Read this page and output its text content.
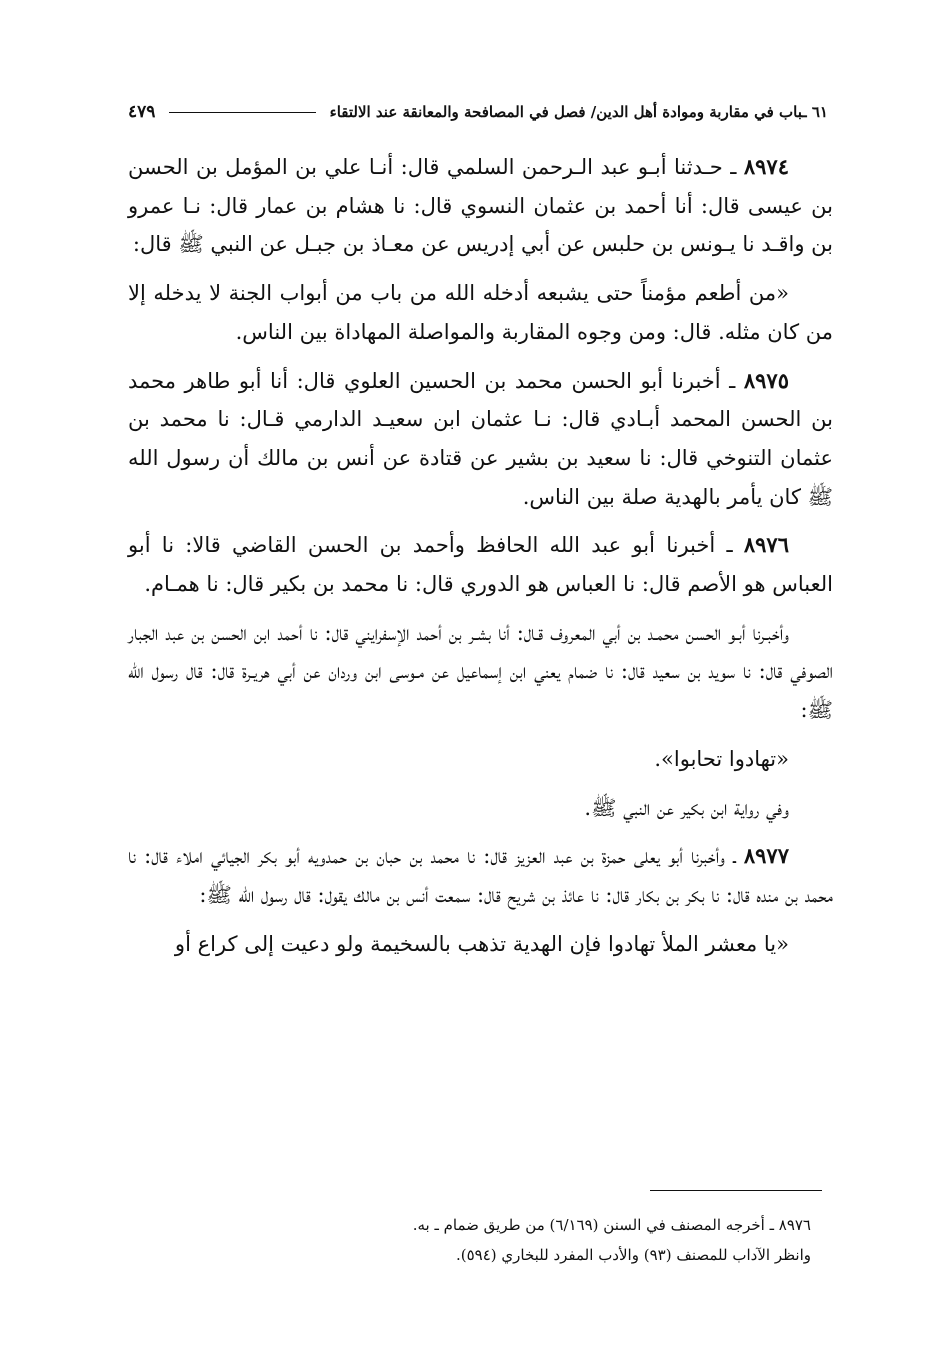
٦١ ـباب في مقاربة وموادة أهل الدين/ فصل في المصافحة والمعانقة عند الالتقاء
٤٧٩

٨٩٧٤ ـ حـدثنا أبـو عبد الـرحمن السلمي قال: أنـا علي بن المؤمل بن الحسن بن عيسى قال: أنا أحمد بن عثمان النسوي قال: نا هشام بن عمار قال: نـا عمرو بن واقـد نا يـونس بن حلبس عن أبي إدريس عن معـاذ بن جبـل عن النبي ﷺ قال:

«من أطعم مؤمناً حتى يشبعه أدخله الله من باب من أبواب الجنة لا يدخله إلا من كان مثله. قال: ومن وجوه المقاربة والمواصلة المهاداة بين الناس.

٨٩٧٥ ـ أخبرنا أبو الحسن محمد بن الحسين العلوي قال: أنا أبو طاهر محمد بن الحسن المحمد أبـادي قال: نـا عثمان ابن سعيـد الدارمي قـال: نا محمد بن عثمان التنوخي قال: نا سعيد بن بشير عن قتادة عن أنس بن مالك أن رسول الله ﷺ كان يأمر بالهدية صلة بين الناس.

٨٩٧٦ ـ أخبرنا أبو عبد الله الحافظ وأحمد بن الحسن القاضي قالا: نا أبو العباس هو الأصم قال: نا العباس هو الدوري قال: نا محمد بن بكير قال: نا همـام.

وأخبـرنا أبـو الحسن محمـد بن أبي المعروف قـال: أنا بشـر بن أحمد الإسفرايني قال: نا أحمد ابن الحسن بن عبد الجبار الصوفي قال: نا سويد بن سعيد قال: نا ضمام يعني ابن إسماعيل عن مـوسى ابن وردان عن أبي هريـرة قال: قال رسول الله ﷺ:

«تهادوا تحابوا».

وفي رواية ابن بكير عن النبي ﷺ.

٨٩٧٧ ـ وأخبرنا أبو يعلى حمزة بن عبد العزيز قال: نا محمد بن حبان بن حمدويه أبو بكر الجيائي املاء قال: نا محمد بن منده قال: نا بكر بن بكار قال: نا عائذ بن شريح قال: سمعت أنس بن مالك يقول: قال رسول الله ﷺ:

«يا معشر الملأ تهادوا فإن الهدية تذهب بالسخيمة ولو دعيت إلى كراع أو

٨٩٧٦ ـ أخرجه المصنف في السنن (٦/١٦٩) من طريق ضمام ـ به.

وانظر الآداب للمصنف (٩٣) والأدب المفرد للبخاري (٥٩٤).
